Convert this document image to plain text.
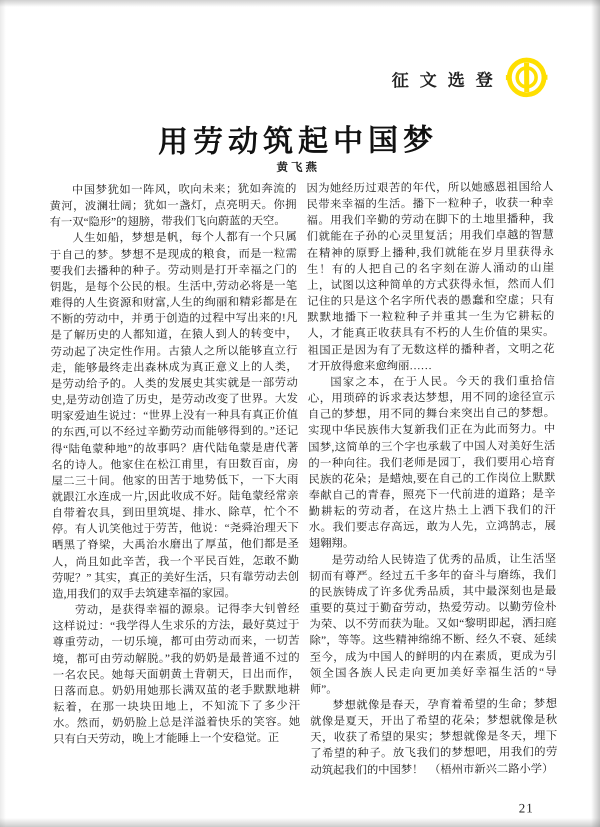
征文选登
用劳动筑起中国梦
黄飞燕

中国梦犹如一阵风，吹向未来；犹如奔流的黄河，波澜壮阔；犹如一盏灯，点亮明天。你拥有一双“隐形”的翅膀，带我们飞向蔚蓝的天空。

人生如船，梦想是帆，每个人都有一个只属于自己的梦。梦想不是现成的粮食，而是一粒需要我们去播种的种子。劳动则是打开幸福之门的钥匙，是每个公民的根。生活中,劳动必将是一笔难得的人生资源和财富,人生的绚丽和精彩都是在不断的劳动中，并勇于创造的过程中写出来的!凡是了解历史的人都知道，在猿人到人的转变中，劳动起了决定性作用。古猿人之所以能够直立行走，能够最终走出森林成为真正意义上的人类，是劳动给予的。人类的发展史其实就是一部劳动史,是劳动创造了历史，是劳动改变了世界。大发明家爱迪生说过：“世界上没有一种具有真正价值的东西,可以不经过辛勤劳动而能够得到的。”还记得“陆龟蒙种地”的故事吗？唐代陆龟蒙是唐代著名的诗人。他家住在松江甫里，有田数百亩，房屋二三十间。他家的田苦于地势低下，一下大雨就跟江水连成一片,因此收成不好。陆龟蒙经常亲自带着农具，到田里筑堤、排水、除草，忙个不停。有人讥笑他过于劳苦，他说：“尧舜治理天下晒黑了脊梁，大禹治水磨出了厚茧，他们都是圣人，尚且如此辛苦，我一个平民百姓，怎敢不勤劳呢？” 其实，真正的美好生活，只有靠劳动去创造,用我们的双手去筑建幸福的家园。

劳动，是获得幸福的源泉。记得李大钊曾经这样说过：“我学得人生求乐的方法，最好莫过于尊重劳动，一切乐境，都可由劳动而来，一切苦境，都可由劳动解脱。”我的奶奶是最普通不过的一名农民。她每天面朝黄土背朝天，日出而作，日落而息。奶奶用她那长满双茧的老手默默地耕耘着，在那一块块田地上，不知流下了多少汗水。然而，奶奶脸上总是洋溢着快乐的笑容。她只有白天劳动，晚上才能睡上一个安稳觉。正

因为她经历过艰苦的年代，所以她感恩祖国给人民带来幸福的生活。播下一粒种子，收获一种幸福。用我们辛勤的劳动在脚下的土地里播种，我们就能在子孙的心灵里复活；用我们卓越的智慧在精神的原野上播种,我们就能在岁月里获得永生！有的人把自己的名字刻在游人涌动的山崖上，试图以这种简单的方式获得永恒，然而人们记住的只是这个名字所代表的愚蠢和空虚；只有默默地播下一粒粒种子并重其一生为它耕耘的人，才能真正收获具有不朽的人生价值的果实。祖国正是因为有了无数这样的播种者，文明之花才开放得愈来愈绚丽……

国家之本，在于人民。今天的我们重拾信心，用琐碎的诉求表达梦想，用不同的途径宣示自己的梦想，用不同的舞台来突出自己的梦想。实现中华民族伟大复新我们正在为此而努力。中国梦,这简单的三个字也承载了中国人对美好生活的一种向往。我们老师是园丁，我们要用心培育民族的花朵；是蜡烛,要在自己的工作岗位上默默奉献自己的青春，照亮下一代前进的道路；是辛勤耕耘的劳动者，在这片热土上洒下我们的汗水。我们要志存高远，敢为人先，立鸿鹄志，展翅翱翔。

是劳动给人民铸造了优秀的品质，让生活坚韧而有尊严。经过五千多年的奋斗与磨练，我们的民族铸成了许多优秀品质，其中最深刻也是最重要的莫过于勤奋劳动，热爱劳动。以勤劳俭朴为荣、以不劳而获为耻。又如“黎明即起，洒扫庭除”，等等。这些精神绵绵不断、经久不衰、延续至今，成为中国人的鲜明的内在素质，更成为引领全国各族人民走向更加美好幸福生活的“导师”。

梦想就像是春天，孕育着希望的生命；梦想就像是夏天，开出了希望的花朵；梦想就像是秋天，收获了希望的果实；梦想就像是冬天，埋下了希望的种子。放飞我们的梦想吧，用我们的劳动筑起我们的中国梦！　（梧州市新兴二路小学）

21
